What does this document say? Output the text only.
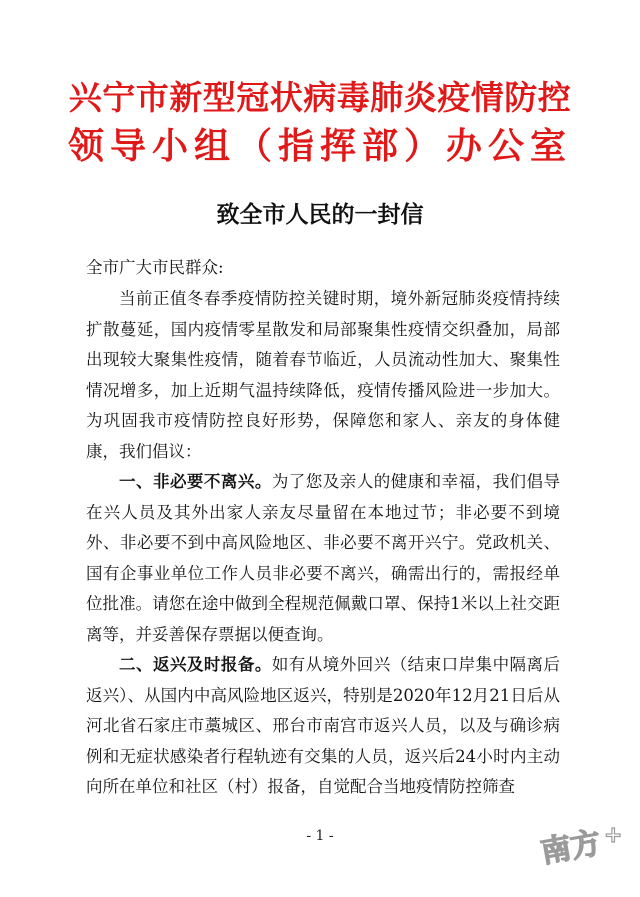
兴宁市新型冠状病毒肺炎疫情防控
领导小组（指挥部）办公室
致全市人民的一封信
全市广大市民群众:

当前正值冬春季疫情防控关键时期，境外新冠肺炎疫情持续扩散蔓延，国内疫情零星散发和局部聚集性疫情交织叠加，局部出现较大聚集性疫情，随着春节临近，人员流动性加大、聚集性情况增多，加上近期气温持续降低，疫情传播风险进一步加大。为巩固我市疫情防控良好形势，保障您和家人、亲友的身体健康，我们倡议：

一、非必要不离兴。为了您及亲人的健康和幸福，我们倡导在兴人员及其外出家人亲友尽量留在本地过节；非必要不到境外、非必要不到中高风险地区、非必要不离开兴宁。党政机关、国有企事业单位工作人员非必要不离兴，确需出行的，需报经单位批准。请您在途中做到全程规范佩戴口罩、保持1米以上社交距离等，并妥善保存票据以便查询。

二、返兴及时报备。如有从境外回兴（结束口岸集中隔离后返兴）、从国内中高风险地区返兴，特别是2020年12月21日后从河北省石家庄市藁城区、邢台市南宫市返兴人员，以及与确诊病例和无症状感染者行程轨迹有交集的人员，返兴后24小时内主动向所在单位和社区（村）报备，自觉配合当地疫情防控筛查

- 1 -	南方 +
